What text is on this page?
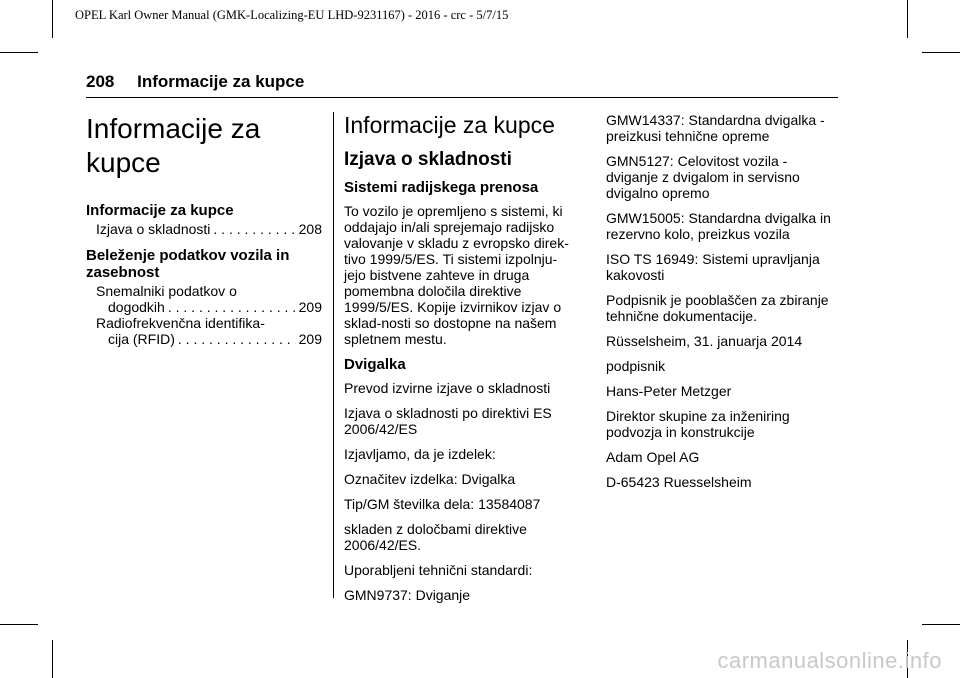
OPEL Karl Owner Manual (GMK-Localizing-EU LHD-9231167) - 2016 - crc - 5/7/15
208 Informacije za kupce
Informacije za kupce
Informacije za kupce
Izjava o skladnosti . . .	208
Beleženje podatkov vozila in zasebnost
Snemalniki podatkov o
dogodkih . . .	209
Radiofrekvenčna identifika-
cija (RFID) . . .	209
Informacije za kupce
Izjava o skladnosti
Sistemi radijskega prenosa

To vozilo je opremljeno s sistemi, ki oddajajo in/ali sprejemajo radijsko valovanje v skladu z evropsko direk-tivo 1999/5/ES. Ti sistemi izpolnju-jejo bistvene zahteve in druga pomembna določila direktive 1999/5/ES. Kopije izvirnikov izjav o sklad-nosti so dostopne na našem spletnem mestu.

Dvigalka

Prevod izvirne izjave o skladnosti

Izjava o skladnosti po direktivi ES 2006/42/ES

Izjavljamo, da je izdelek:

Označitev izdelka: Dvigalka

Tip/GM številka dela: 13584087

skladen z določbami direktive 2006/42/ES.

Uporabljeni tehnični standardi:

GMN9737: Dviganje

GMW14337: Standardna dvigalka - preizkusi tehnične opreme

GMN5127: Celovitost vozila - dviganje z dvigalom in servisno dvigalno opremo

GMW15005: Standardna dvigalka in rezervno kolo, preizkus vozila

ISO TS 16949: Sistemi upravljanja kakovosti

Podpisnik je pooblaščen za zbiranje tehnične dokumentacije.

Rüsselsheim, 31. januarja 2014

podpisnik

Hans-Peter Metzger

Direktor skupine za inženiring podvozja in konstrukcije

Adam Opel AG

D-65423 Ruesselsheim

carmanualsonline.info
